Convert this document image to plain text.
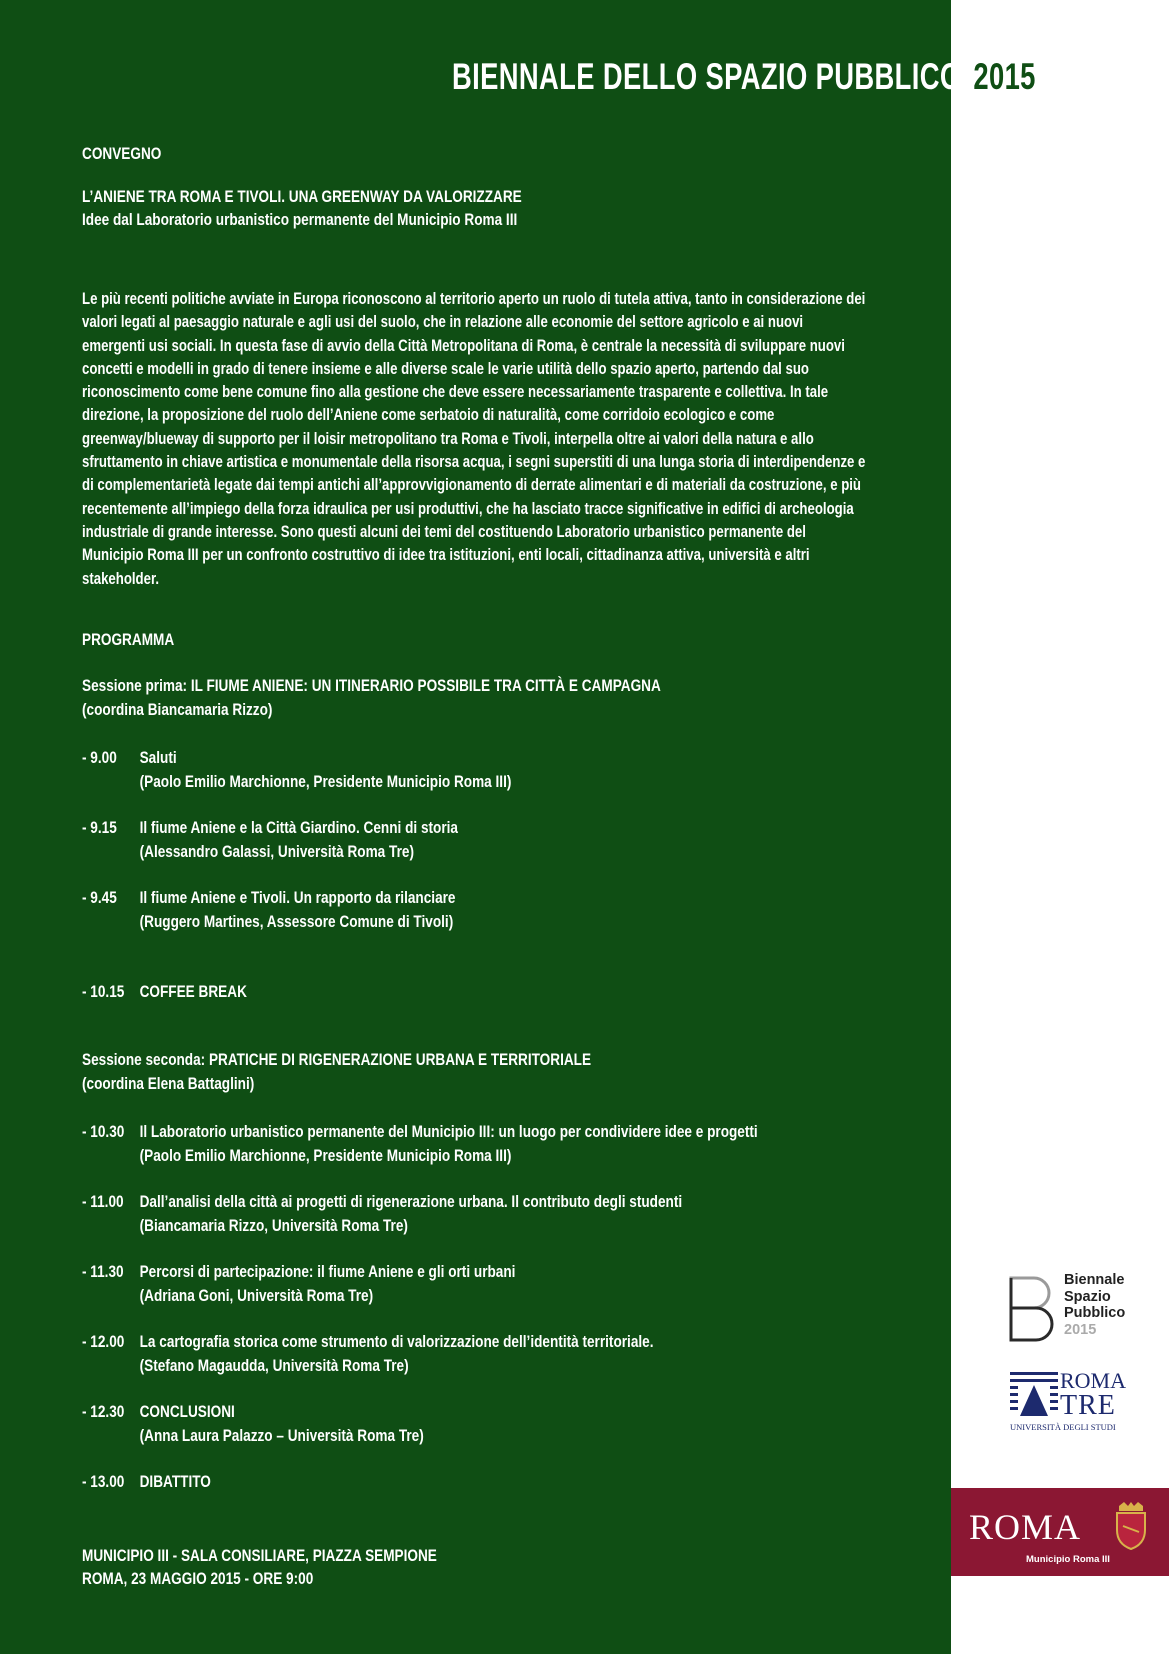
BIENNALE DELLO SPAZIO PUBBLICO 2015
CONVEGNO
L’ANIENE TRA ROMA E TIVOLI. UNA GREENWAY DA VALORIZZARE
Idee dal Laboratorio urbanistico permanente del Municipio Roma III
Le più recenti politiche avviate in Europa riconoscono al territorio aperto un ruolo di tutela attiva, tanto in considerazione dei valori legati al paesaggio naturale e agli usi del suolo, che in relazione alle economie del settore agricolo e ai nuovi emergenti usi sociali. In questa fase di avvio della Città Metropolitana di Roma, è centrale la necessità di sviluppare nuovi concetti e modelli in grado di tenere insieme e alle diverse scale le varie utilità dello spazio aperto, partendo dal suo riconoscimento come bene comune fino alla gestione che deve essere necessariamente trasparente e collettiva. In tale direzione, la proposizione del ruolo dell’Aniene come serbatoio di naturalità, come corridoio ecologico e come greenway/blueway di supporto per il loisir metropolitano tra Roma e Tivoli, interpella oltre ai valori della natura e allo sfruttamento in chiave artistica e monumentale della risorsa acqua, i segni superstiti di una lunga storia di interdipendenze e di complementarietà legate dai tempi antichi all’approvvigionamento di derrate alimentari e di materiali da costruzione, e più recentemente all’impiego della forza idraulica per usi produttivi, che ha lasciato tracce significative in edifici di archeologia industriale di grande interesse. Sono questi alcuni dei temi del costituendo Laboratorio urbanistico permanente del Municipio Roma III per un confronto costruttivo di idee tra istituzioni, enti locali, cittadinanza attiva, università e altri stakeholder.
PROGRAMMA
Sessione prima: IL FIUME ANIENE: UN ITINERARIO POSSIBILE TRA CITTÀ E CAMPAGNA
(coordina Biancamaria Rizzo)
- 9.00 Saluti
(Paolo Emilio Marchionne, Presidente Municipio Roma III)
- 9.15 Il fiume Aniene e la Città Giardino. Cenni di storia
(Alessandro Galassi, Università Roma Tre)
- 9.45 Il fiume Aniene e Tivoli. Un rapporto da rilanciare
(Ruggero Martines, Assessore Comune di Tivoli)
- 10.15 COFFEE BREAK
Sessione seconda: PRATICHE DI RIGENERAZIONE URBANA E TERRITORIALE
(coordina Elena Battaglini)
- 10.30 Il Laboratorio urbanistico permanente del Municipio III: un luogo per condividere idee e progetti
(Paolo Emilio Marchionne, Presidente Municipio Roma III)
- 11.00 Dall’analisi della città ai progetti di rigenerazione urbana. Il contributo degli studenti
(Biancamaria Rizzo, Università Roma Tre)
- 11.30 Percorsi di partecipazione: il fiume Aniene e gli orti urbani
(Adriana Goni, Università Roma Tre)
- 12.00 La cartografia storica come strumento di valorizzazione dell’identità territoriale.
(Stefano Magaudda, Università Roma Tre)
- 12.30 CONCLUSIONI
(Anna Laura Palazzo – Università Roma Tre)
- 13.00 DIBATTITO
MUNICIPIO III - SALA CONSILIARE, PIAZZA SEMPIONE
ROMA, 23 MAGGIO 2015 - ORE 9:00
Biennale
Spazio
Pubblico
2015
ROMA
TRE
UNIVERSITÀ DEGLI STUDI
ROMA
Municipio Roma III
